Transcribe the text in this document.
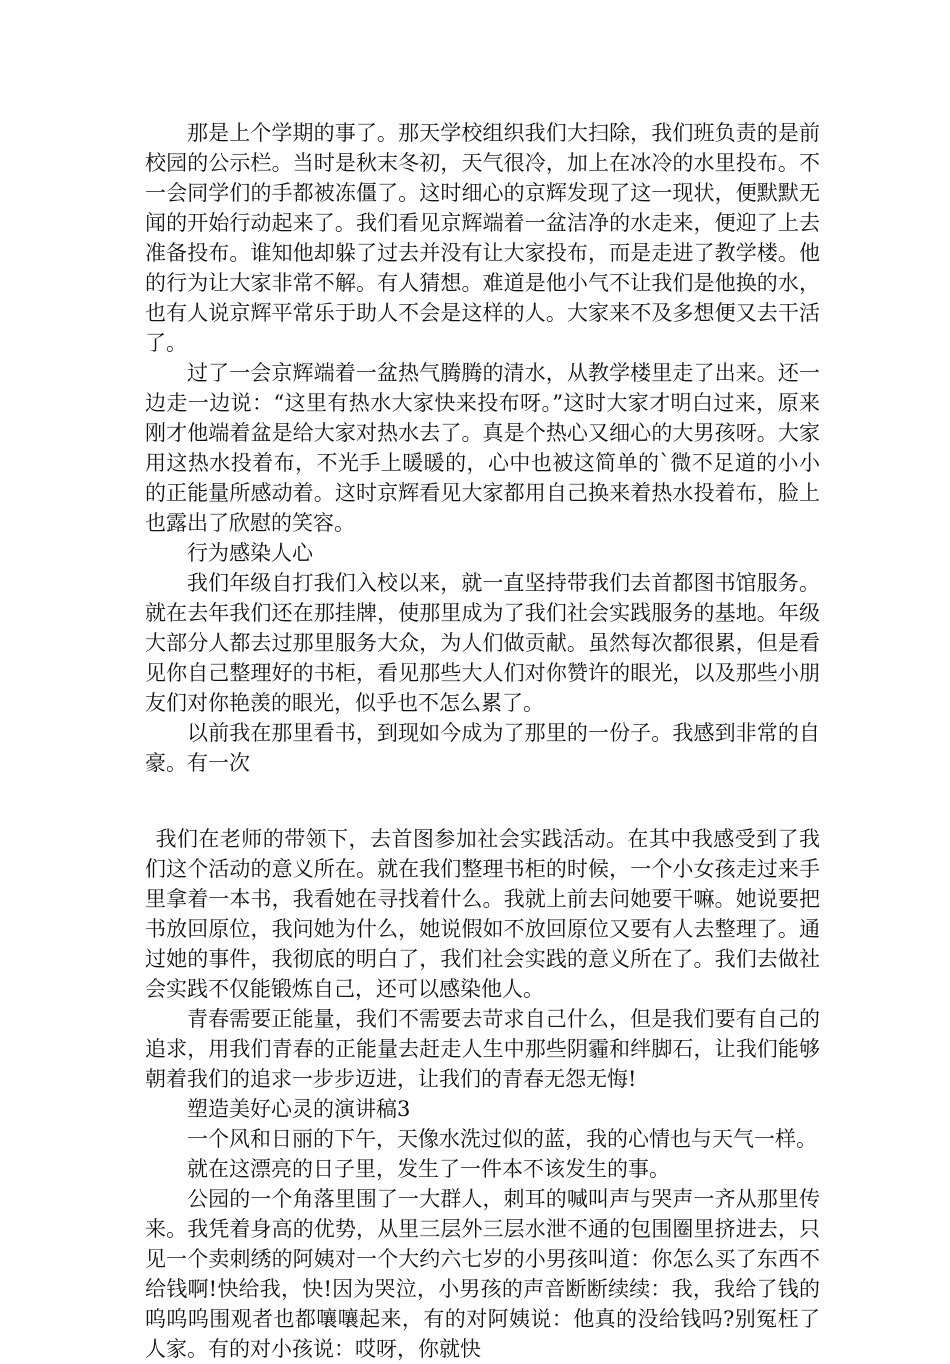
那是上个学期的事了。那天学校组织我们大扫除，我们班负责的是前校园的公示栏。当时是秋末冬初，天气很冷，加上在冰冷的水里投布。不一会同学们的手都被冻僵了。这时细心的京辉发现了这一现状，便默默无闻的开始行动起来了。我们看见京辉端着一盆洁净的水走来，便迎了上去准备投布。谁知他却躲了过去并没有让大家投布，而是走进了教学楼。他的行为让大家非常不解。有人猜想。难道是他小气不让我们是他换的水，也有人说京辉平常乐于助人不会是这样的人。大家来不及多想便又去干活了。

过了一会京辉端着一盆热气腾腾的清水，从教学楼里走了出来。还一边走一边说：“这里有热水大家快来投布呀。”这时大家才明白过来，原来刚才他端着盆是给大家对热水去了。真是个热心又细心的大男孩呀。大家用这热水投着布，不光手上暖暖的，心中也被这简单的`微不足道的小小的正能量所感动着。这时京辉看见大家都用自己换来着热水投着布，脸上也露出了欣慰的笑容。

行为感染人心

我们年级自打我们入校以来，就一直坚持带我们去首都图书馆服务。就在去年我们还在那挂牌，使那里成为了我们社会实践服务的基地。年级大部分人都去过那里服务大众，为人们做贡献。虽然每次都很累，但是看见你自己整理好的书柜，看见那些大人们对你赞许的眼光，以及那些小朋友们对你艳羡的眼光，似乎也不怎么累了。

以前我在那里看书，到现如今成为了那里的一份子。我感到非常的自豪。有一次

我们在老师的带领下，去首图参加社会实践活动。在其中我感受到了我们这个活动的意义所在。就在我们整理书柜的时候，一个小女孩走过来手里拿着一本书，我看她在寻找着什么。我就上前去问她要干嘛。她说要把书放回原位，我问她为什么，她说假如不放回原位又要有人去整理了。通过她的事件，我彻底的明白了，我们社会实践的意义所在了。我们去做社会实践不仅能锻炼自己，还可以感染他人。

青春需要正能量，我们不需要去苛求自己什么，但是我们要有自己的追求，用我们青春的正能量去赶走人生中那些阴霾和绊脚石，让我们能够朝着我们的追求一步步迈进，让我们的青春无怨无悔!

塑造美好心灵的演讲稿3

一个风和日丽的下午，天像水洗过似的蓝，我的心情也与天气一样。

就在这漂亮的日子里，发生了一件本不该发生的事。

公园的一个角落里围了一大群人，刺耳的喊叫声与哭声一齐从那里传来。我凭着身高的优势，从里三层外三层水泄不通的包围圈里挤进去，只见一个卖刺绣的阿姨对一个大约六七岁的小男孩叫道：你怎么买了东西不给钱啊!快给我，快!因为哭泣，小男孩的声音断断续续：我，我给了钱的呜呜呜围观者也都嚷嚷起来，有的对阿姨说：他真的没给钱吗?别冤枉了人家。有的对小孩说：哎呀，你就快
